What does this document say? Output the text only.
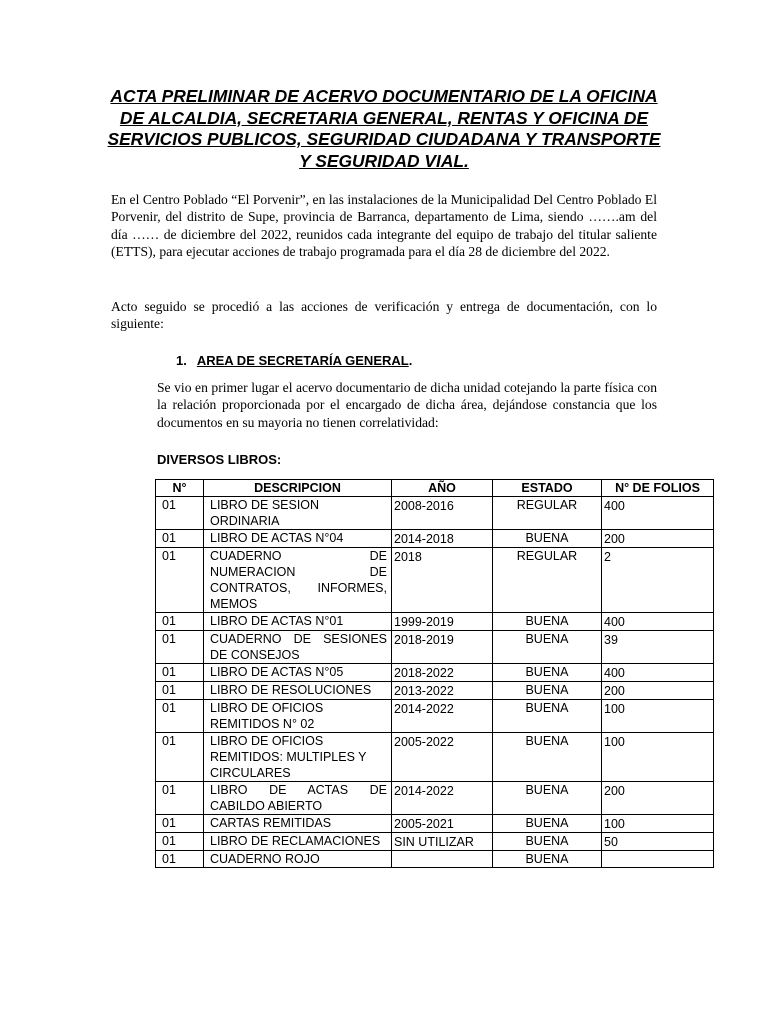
ACTA PRELIMINAR DE ACERVO DOCUMENTARIO DE LA OFICINA DE ALCALDIA, SECRETARIA GENERAL, RENTAS Y OFICINA DE SERVICIOS PUBLICOS, SEGURIDAD CIUDADANA Y TRANSPORTE Y SEGURIDAD VIAL.
En el Centro Poblado “El Porvenir”, en las instalaciones de la Municipalidad Del Centro Poblado El Porvenir, del distrito de Supe, provincia de Barranca, departamento de Lima, siendo …….am del día …… de diciembre del 2022, reunidos cada integrante del equipo de trabajo del titular saliente (ETTS), para ejecutar acciones de trabajo programada para el día 28 de diciembre del 2022.
Acto seguido se procedió a las acciones de verificación y entrega de documentación, con lo siguiente:
1. AREA DE SECRETARÍA GENERAL.
Se vio en primer lugar el acervo documentario de dicha unidad cotejando la parte física con la relación proporcionada por el encargado de dicha área, dejándose constancia que los documentos en su mayoria no tienen correlatividad:
DIVERSOS LIBROS:
N°	DESCRIPCION	AÑO	ESTADO	N° DE FOLIOS
01	LIBRO DE SESION ORDINARIA	2008-2016	REGULAR	400
01	LIBRO DE ACTAS N°04	2014-2018	BUENA	200
01	CUADERNO DE NUMERACION DE CONTRATOS, INFORMES, MEMOS	2018	REGULAR	2
01	LIBRO DE ACTAS N°01	1999-2019	BUENA	400
01	CUADERNO DE SESIONES DE CONSEJOS	2018-2019	BUENA	39
01	LIBRO DE ACTAS N°05	2018-2022	BUENA	400
01	LIBRO DE RESOLUCIONES	2013-2022	BUENA	200
01	LIBRO DE OFICIOS REMITIDOS N° 02	2014-2022	BUENA	100
01	LIBRO DE OFICIOS REMITIDOS: MULTIPLES Y CIRCULARES	2005-2022	BUENA	100
01	LIBRO DE ACTAS DE CABILDO ABIERTO	2014-2022	BUENA	200
01	CARTAS REMITIDAS	2005-2021	BUENA	100
01	LIBRO DE RECLAMACIONES	SIN UTILIZAR	BUENA	50
01	CUADERNO ROJO		BUENA	
